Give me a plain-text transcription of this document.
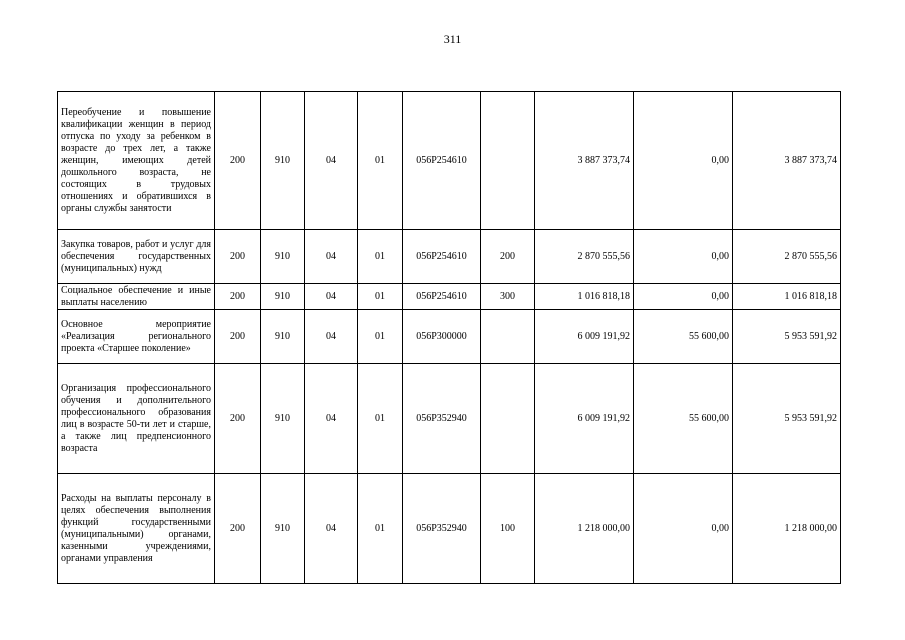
311
Переобучение и повышение квалификации женщин в период отпуска по уходу за ребенком в возрасте до трех лет, а также женщин, имеющих детей дошкольного возраста, не состоящих в трудовых отношениях и обратившихся в органы службы занятости	200	910	04	01	056P254610		3 887 373,74	0,00	3 887 373,74
Закупка товаров, работ и услуг для обеспечения государственных (муниципальных) нужд	200	910	04	01	056P254610	200	2 870 555,56	0,00	2 870 555,56
Социальное обеспечение и иные выплаты населению	200	910	04	01	056P254610	300	1 016 818,18	0,00	1 016 818,18
Основное мероприятие «Реализация регионального проекта «Старшее поколение»	200	910	04	01	056P300000		6 009 191,92	55 600,00	5 953 591,92
Организация профессионального обучения и дополнительного профессионального образования лиц в возрасте 50-ти лет и старше, а также лиц предпенсионного возраста	200	910	04	01	056P352940		6 009 191,92	55 600,00	5 953 591,92
Расходы на выплаты персоналу в целях обеспечения выполнения функций государственными (муниципальными) органами, казенными учреждениями, органами управления	200	910	04	01	056P352940	100	1 218 000,00	0,00	1 218 000,00
